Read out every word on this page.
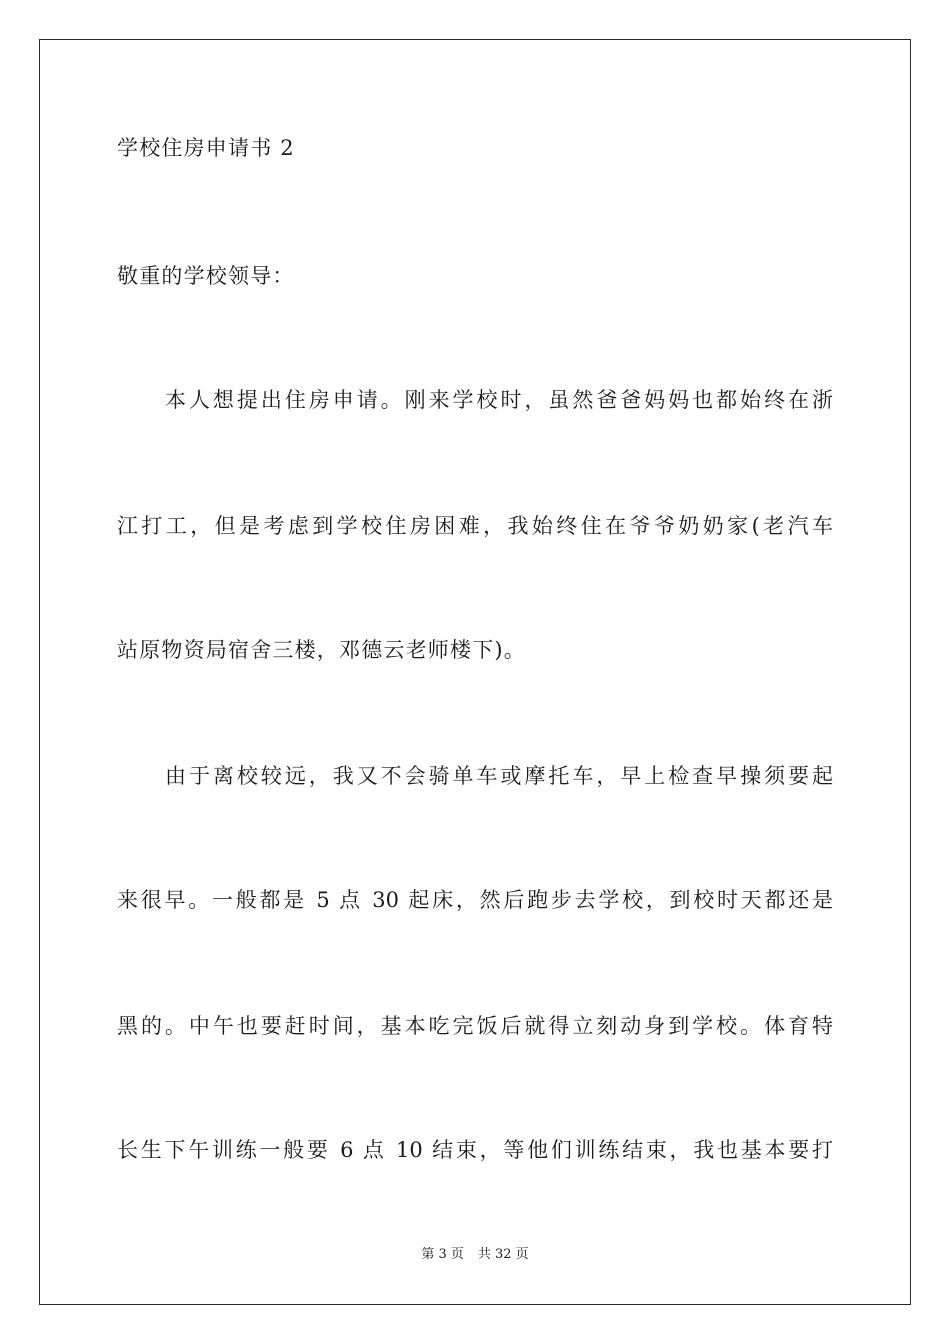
学校住房申请书 2
敬重的学校领导：
本人想提出住房申请。刚来学校时，虽然爸爸妈妈也都始终在浙
江打工，但是考虑到学校住房困难，我始终住在爷爷奶奶家(老汽车
站原物资局宿舍三楼，邓德云老师楼下)。
由于离校较远，我又不会骑单车或摩托车，早上检查早操须要起
来很早。一般都是 5 点 30 起床，然后跑步去学校，到校时天都还是
黑的。中午也要赶时间，基本吃完饭后就得立刻动身到学校。体育特
长生下午训练一般要 6 点 10 结束，等他们训练结束，我也基本要打
第 3 页 共 32 页
